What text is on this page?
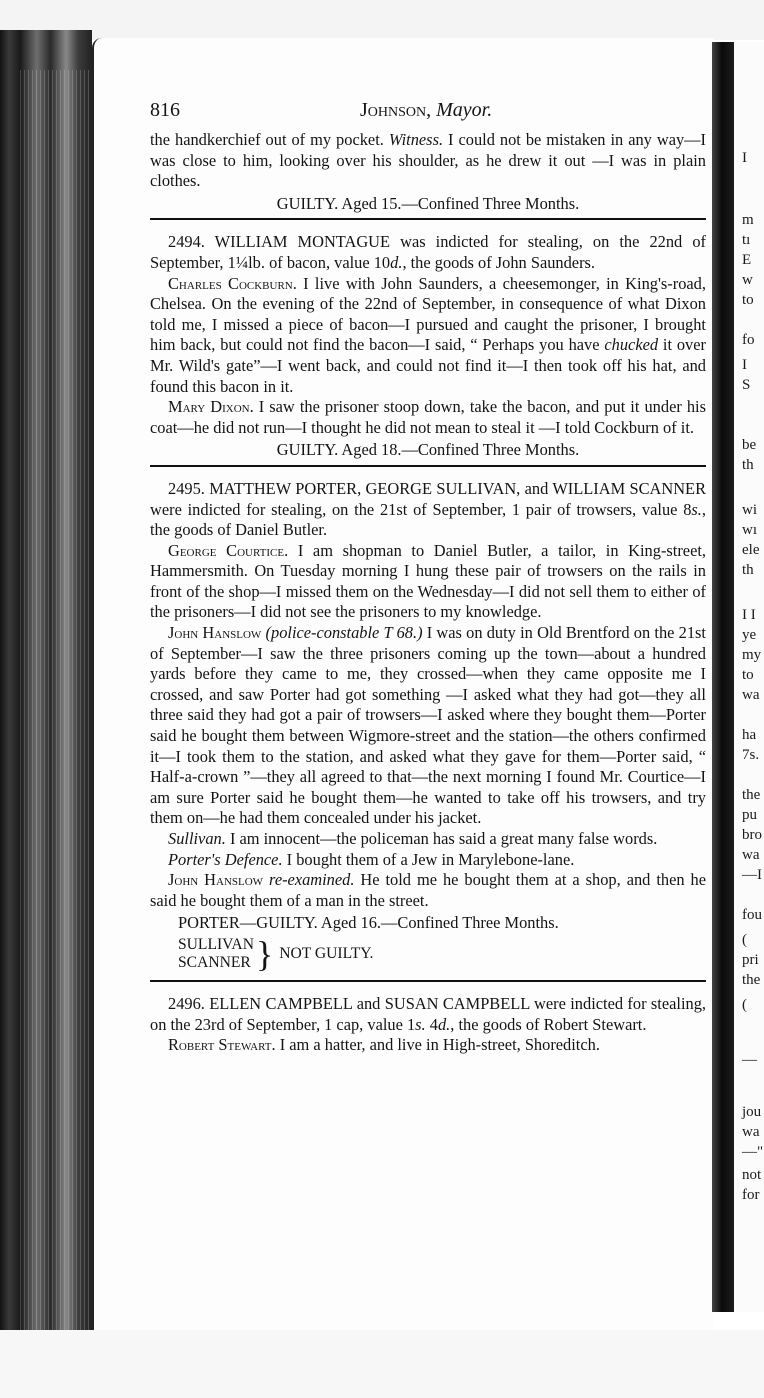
I
m
tı
E
w
to
fo
I
S
be
th
wi
wı
ele
th
I I
ye
my
to
wa
ha
7s.
the
pu
bro
wa
—I
fou
(
pri
the
(
—
jou
wa
—"
not
for
816	Johnson, Mayor.

the handkerchief out of my pocket. Witness. I could not be mistaken in any way—I was close to him, looking over his shoulder, as he drew it out —I was in plain clothes.

GUILTY. Aged 15.—Confined Three Months.

2494. WILLIAM MONTAGUE was indicted for stealing, on the 22nd of September, 1¼lb. of bacon, value 10d., the goods of John Saunders.

Charles Cockburn. I live with John Saunders, a cheesemonger, in King's-road, Chelsea. On the evening of the 22nd of September, in consequence of what Dixon told me, I missed a piece of bacon—I pursued and caught the prisoner, I brought him back, but could not find the bacon—I said, “ Perhaps you have chucked it over Mr. Wild's gate”—I went back, and could not find it—I then took off his hat, and found this bacon in it.

Mary Dixon. I saw the prisoner stoop down, take the bacon, and put it under his coat—he did not run—I thought he did not mean to steal it —I told Cockburn of it.

GUILTY. Aged 18.—Confined Three Months.

2495. MATTHEW PORTER, GEORGE SULLIVAN, and WILLIAM SCANNER were indicted for stealing, on the 21st of September, 1 pair of trowsers, value 8s., the goods of Daniel Butler.

George Courtice. I am shopman to Daniel Butler, a tailor, in King-street, Hammersmith. On Tuesday morning I hung these pair of trowsers on the rails in front of the shop—I missed them on the Wednesday—I did not sell them to either of the prisoners—I did not see the prisoners to my knowledge.

John Hanslow (police-constable T 68.) I was on duty in Old Brentford on the 21st of September—I saw the three prisoners coming up the town—about a hundred yards before they came to me, they crossed—when they came opposite me I crossed, and saw Porter had got something —I asked what they had got—they all three said they had got a pair of trowsers—I asked where they bought them—Porter said he bought them between Wigmore-street and the station—the others confirmed it—I took them to the station, and asked what they gave for them—Porter said, “ Half-a-crown ”—they all agreed to that—the next morning I found Mr. Courtice—I am sure Porter said he bought them—he wanted to take off his trowsers, and try them on—he had them concealed under his jacket.

Sullivan. I am innocent—the policeman has said a great many false words.

Porter's Defence. I bought them of a Jew in Marylebone-lane.

John Hanslow re-examined. He told me he bought them at a shop, and then he said he bought them of a man in the street.

PORTER—GUILTY. Aged 16.—Confined Three Months.

SULLIVAN
SCANNER } NOT GUILTY.

2496. ELLEN CAMPBELL and SUSAN CAMPBELL were indicted for stealing, on the 23rd of September, 1 cap, value 1s. 4d., the goods of Robert Stewart.

Robert Stewart. I am a hatter, and live in High-street, Shoreditch.
